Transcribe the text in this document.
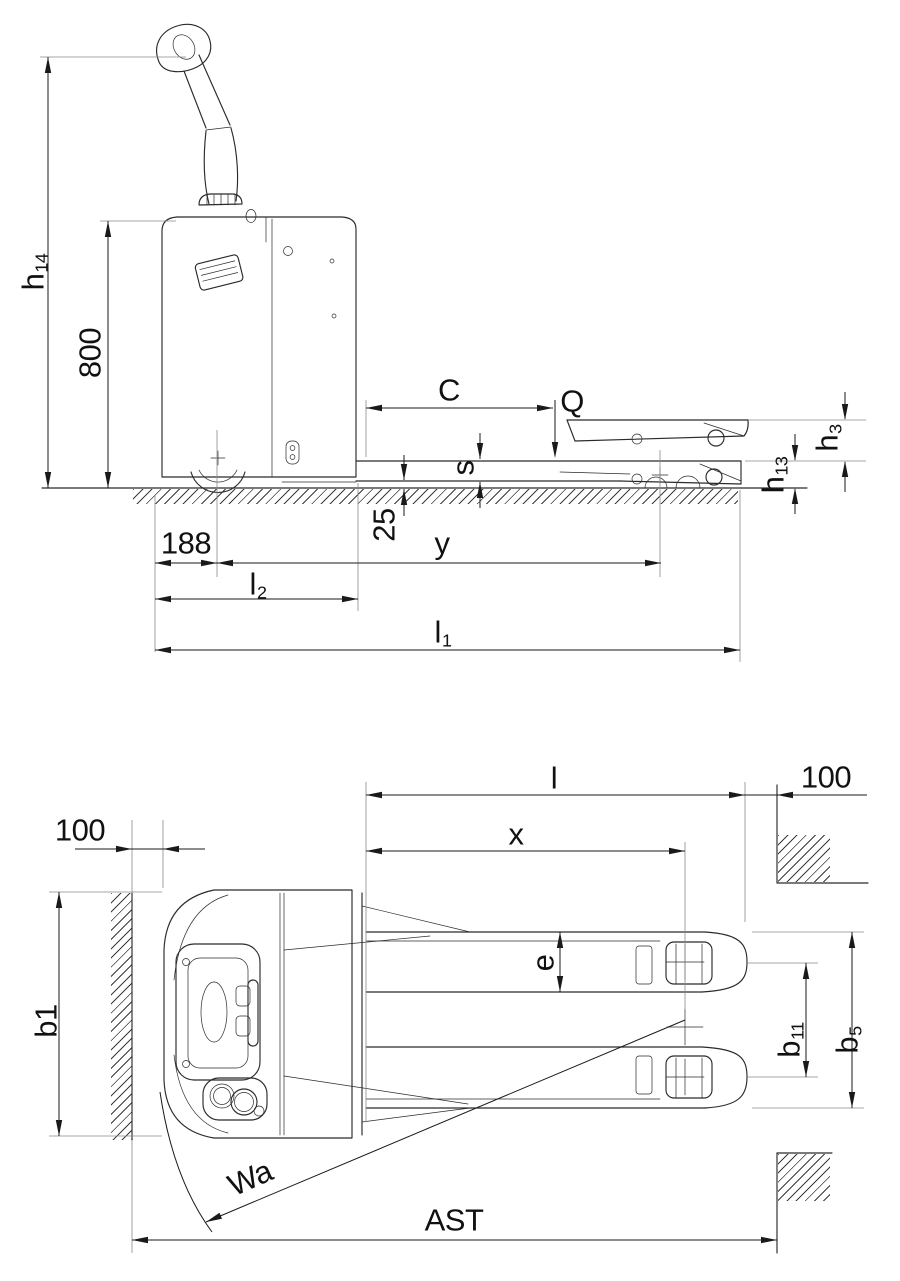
h
14
800
C	Q
s
25
y
188
l 2
l 1
h
3
h
13
l	100
x
100
b1
e
b
11
b
5
Wa
AST
